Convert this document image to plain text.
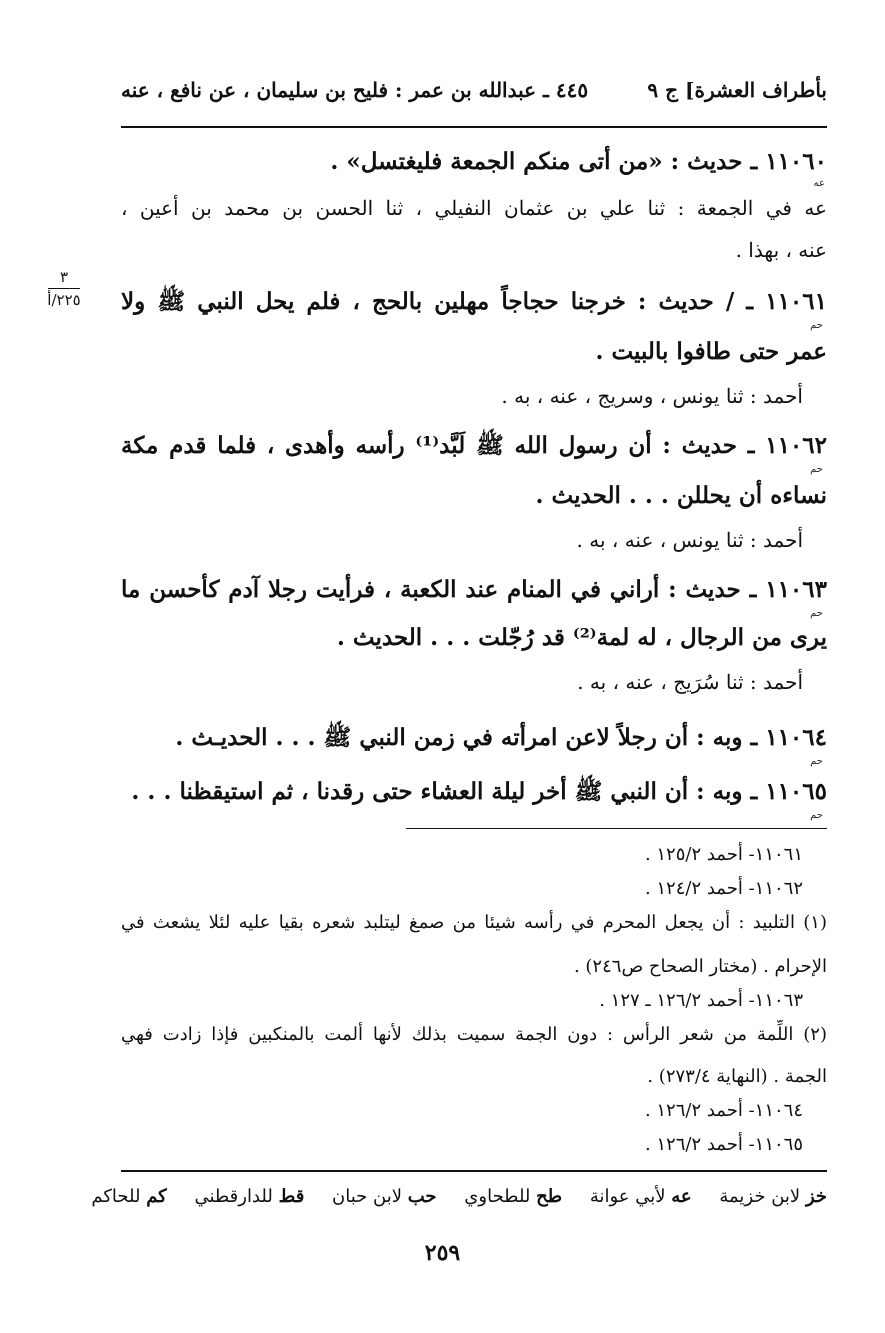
بأطراف العشرة] ج ٩
٤٤٥ ـ عبدالله بن عمر : فليح بن سليمان ، عن نافع ، عنه
٣
٢٢٥/أ
١١٠٦٠ ـ حديث : «من أتى منكم الجمعة فليغتسل» .
عه
عه في الجمعة : ثنا علي بن عثمان النفيلي ، ثنا الحسن بن محمد بن أعين ،
عنه ، بهذا .
١١٠٦١ ـ / حديث : خرجنا حجاجاً مهلين بالحج ، فلم يحل النبي ﷺ ولا
حم
عمر حتى طافوا بالبيت .
أحمد : ثنا يونس ، وسريج ، عنه ، به .
١١٠٦٢ ـ حديث : أن رسول الله ﷺ لَبَّد⁽¹⁾ رأسه وأهدى ، فلما قدم مكة
حم
نساءه أن يحللن . . . الحديث .
أحمد : ثنا يونس ، عنه ، به .
١١٠٦٣ ـ حديث : أراني في المنام عند الكعبة ، فرأيت رجلا آدم كأحسن ما
حم
يرى من الرجال ، له لمة⁽²⁾ قد رُجّلت . . . الحديث .
أحمد : ثنا سُرَيج ، عنه ، به .
١١٠٦٤ ـ وبه : أن رجلاً لاعن امرأته في زمن النبي ﷺ . . . الحديـث .
حم
١١٠٦٥ ـ وبه : أن النبي ﷺ أخر ليلة العشاء حتى رقدنا ، ثم استيقظنا . . .
حم
١١٠٦١- أحمد ١٢٥/٢ .
١١٠٦٢- أحمد ١٢٤/٢ .
(١) التلبيد : أن يجعل المحرم في رأسه شيئا من صمغ ليتلبد شعره بقيا عليه لئلا يشعث في
الإحرام . (مختار الصحاح ص٢٤٦) .
١١٠٦٣- أحمد ١٢٦/٢ ـ ١٢٧ .
(٢) اللِّمة من شعر الرأس : دون الجمة سميت بذلك لأنها ألمت بالمنكبين فإذا زادت فهي
الجمة . (النهاية ٢٧٣/٤) .
١١٠٦٤- أحمد ١٢٦/٢ .
١١٠٦٥- أحمد ١٢٦/٢ .
خز لابن خزيمة عه لأبي عوانة طح للطحاوي حب لابن حبان قط للدارقطني كم للحاكم
٢٥٩
